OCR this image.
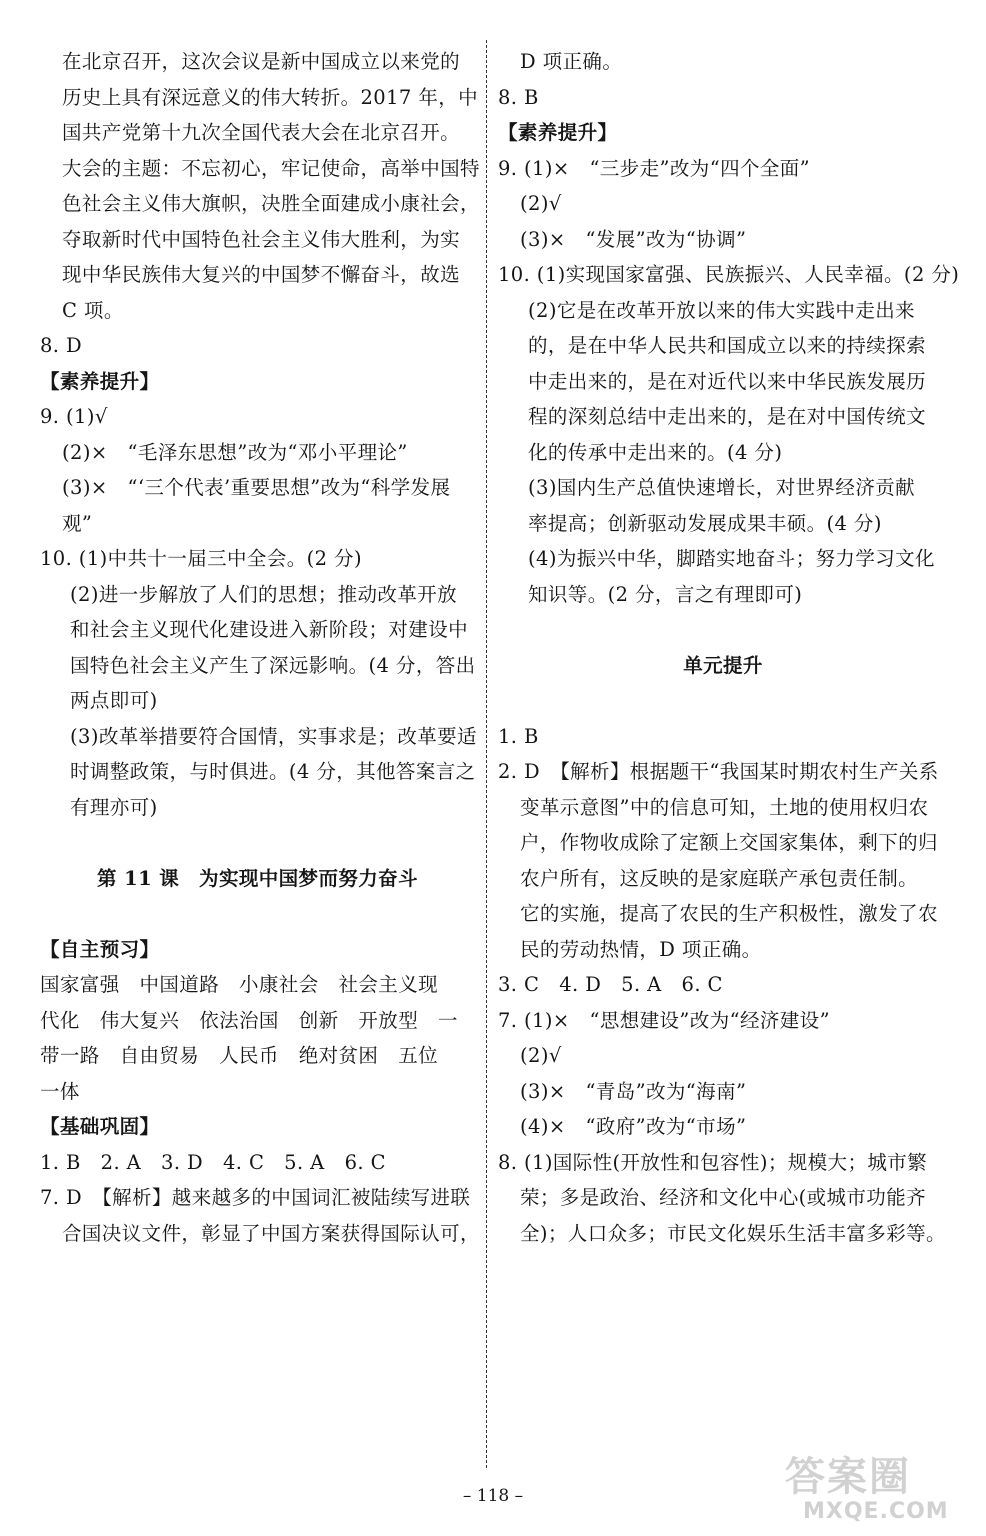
在北京召开，这次会议是新中国成立以来党的
历史上具有深远意义的伟大转折。2017 年，中
国共产党第十九次全国代表大会在北京召开。
大会的主题：不忘初心，牢记使命，高举中国特
色社会主义伟大旗帜，决胜全面建成小康社会，
夺取新时代中国特色社会主义伟大胜利，为实
现中华民族伟大复兴的中国梦不懈奋斗，故选
C 项。
8. D
【素养提升】
9. (1)√
(2)×　“毛泽东思想”改为“邓小平理论”
(3)×　“‘三个代表’重要思想”改为“科学发展
观”
10. (1)中共十一届三中全会。(2 分)
(2)进一步解放了人们的思想；推动改革开放
和社会主义现代化建设进入新阶段；对建设中
国特色社会主义产生了深远影响。(4 分，答出
两点即可)
(3)改革举措要符合国情，实事求是；改革要适
时调整政策，与时俱进。(4 分，其他答案言之
有理亦可)
第 11 课　为实现中国梦而努力奋斗
【自主预习】
国家富强　中国道路　小康社会　社会主义现
代化　伟大复兴　依法治国　创新　开放型　一
带一路　自由贸易　人民币　绝对贫困　五位
一体
【基础巩固】
1. B　2. A　3. D　4. C　5. A　6. C
7. D　【解析】越来越多的中国词汇被陆续写进联
合国决议文件，彰显了中国方案获得国际认可，
D 项正确。
8. B
【素养提升】
9. (1)×　“三步走”改为“四个全面”
(2)√
(3)×　“发展”改为“协调”
10. (1)实现国家富强、民族振兴、人民幸福。(2 分)
(2)它是在改革开放以来的伟大实践中走出来
的，是在中华人民共和国成立以来的持续探索
中走出来的，是在对近代以来中华民族发展历
程的深刻总结中走出来的，是在对中国传统文
化的传承中走出来的。(4 分)
(3)国内生产总值快速增长，对世界经济贡献
率提高；创新驱动发展成果丰硕。(4 分)
(4)为振兴中华，脚踏实地奋斗；努力学习文化
知识等。(2 分，言之有理即可)
单元提升
1. B
2. D　【解析】根据题干“我国某时期农村生产关系
变革示意图”中的信息可知，土地的使用权归农
户，作物收成除了定额上交国家集体，剩下的归
农户所有，这反映的是家庭联产承包责任制。
它的实施，提高了农民的生产积极性，激发了农
民的劳动热情，D 项正确。
3. C　4. D　5. A　6. C
7. (1)×　“思想建设”改为“经济建设”
(2)√
(3)×　“青岛”改为“海南”
(4)×　“政府”改为“市场”
8. (1)国际性(开放性和包容性)；规模大；城市繁
荣；多是政治、经济和文化中心(或城市功能齐
全)；人口众多；市民文化娱乐生活丰富多彩等。
– 118 –	答案圈
MXQE.COM
